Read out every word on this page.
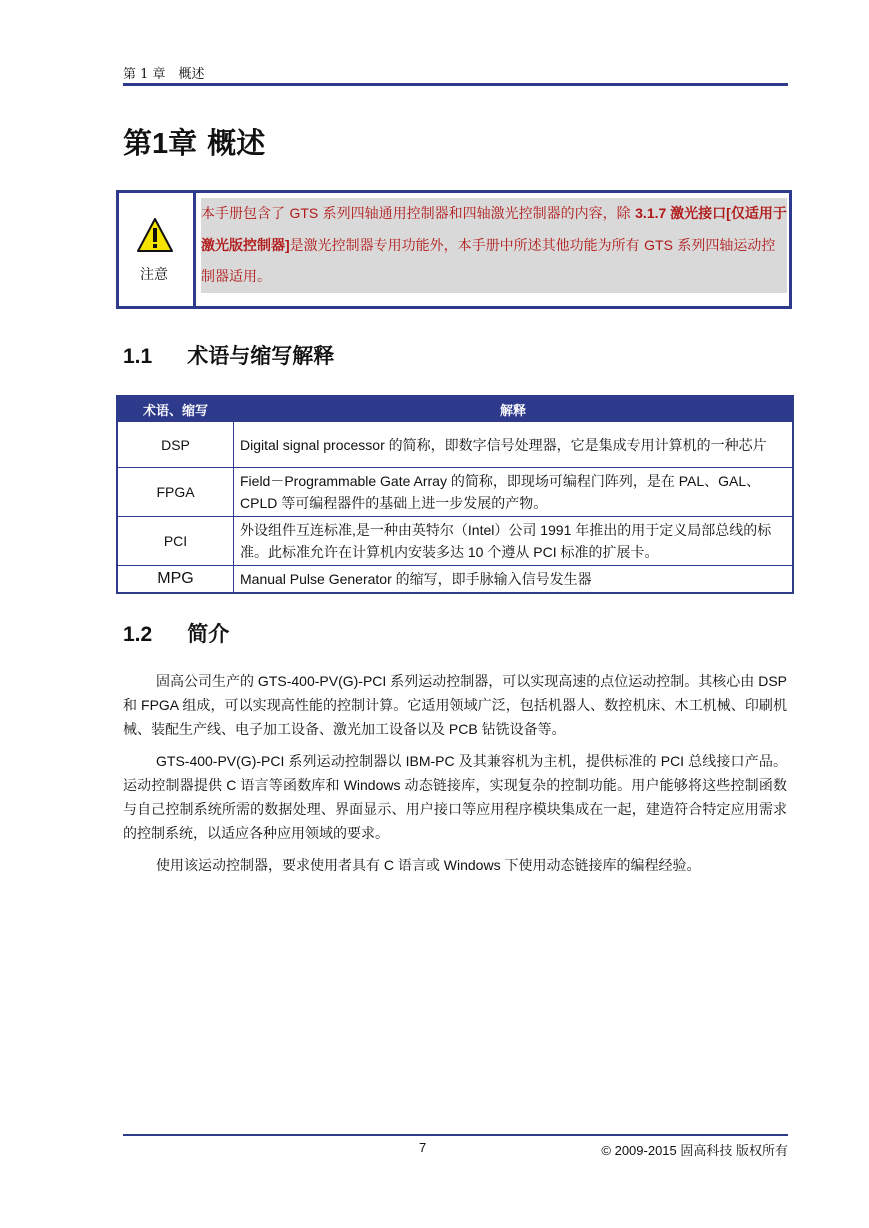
第 1 章　概述
第1章 概述
注意
本手册包含了 GTS 系列四轴通用控制器和四轴激光控制器的内容，除 3.1.7 激光接口[仅适用于激光版控制器]是激光控制器专用功能外，本手册中所述其他功能为所有 GTS 系列四轴运动控制器适用。
1.1 术语与缩写解释
术语、缩写	解释
DSP	Digital signal processor 的简称，即数字信号处理器，它是集成专用计算机的一种芯片
FPGA	Field－Programmable Gate Array 的简称，即现场可编程门阵列，是在 PAL、GAL、CPLD 等可编程器件的基础上进一步发展的产物。
PCI	外设组件互连标准,是一种由英特尔（Intel）公司 1991 年推出的用于定义局部总线的标准。此标准允许在计算机内安装多达 10 个遵从 PCI 标准的扩展卡。
MPG	Manual Pulse Generator 的缩写，即手脉输入信号发生器
1.2 简介
固高公司生产的 GTS-400-PV(G)-PCI 系列运动控制器，可以实现高速的点位运动控制。其核心由 DSP 和 FPGA 组成，可以实现高性能的控制计算。它适用领域广泛，包括机器人、数控机床、木工机械、印刷机械、装配生产线、电子加工设备、激光加工设备以及 PCB 钻铣设备等。
GTS-400-PV(G)-PCI 系列运动控制器以 IBM-PC 及其兼容机为主机，提供标准的 PCI 总线接口产品。运动控制器提供 C 语言等函数库和 Windows 动态链接库，实现复杂的控制功能。用户能够将这些控制函数与自己控制系统所需的数据处理、界面显示、用户接口等应用程序模块集成在一起，建造符合特定应用需求的控制系统，以适应各种应用领域的要求。
使用该运动控制器，要求使用者具有 C 语言或 Windows 下使用动态链接库的编程经验。
7	© 2009-2015 固高科技 版权所有
